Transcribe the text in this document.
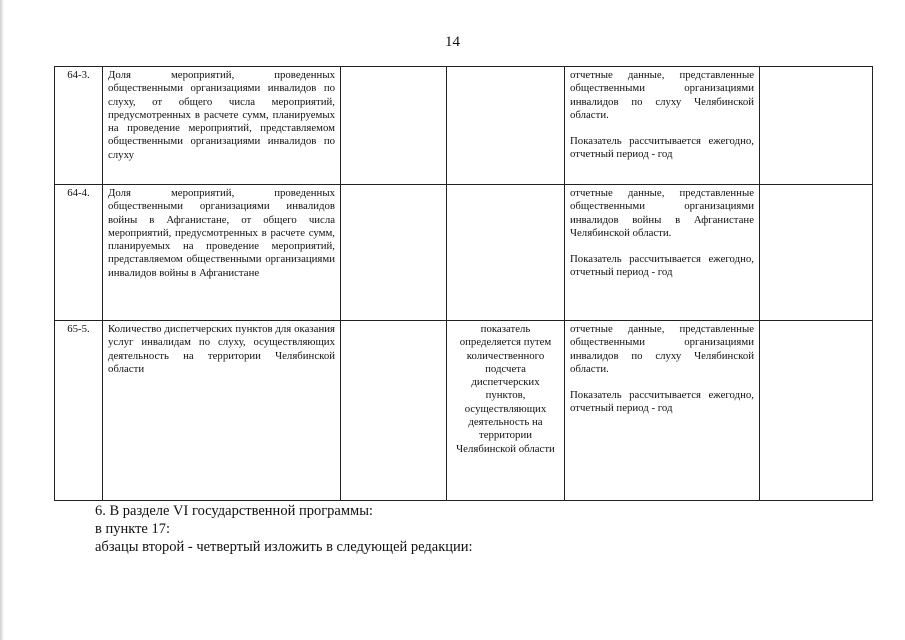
14
64-3.	Доля мероприятий, проведенных общественными организациями инвалидов по слуху, от общего числа мероприятий, предусмотренных в расчете сумм, планируемых на проведение мероприятий, представляемом общественными организациями инвалидов по слуху			отчетные данные, представленные общественными организациями инвалидов по слуху Челябинской области.
Показатель рассчитывается ежегодно, отчетный период - год	
64-4.	Доля мероприятий, проведенных общественными организациями инвалидов войны в Афганистане, от общего числа мероприятий, предусмотренных в расчете сумм, планируемых на проведение мероприятий, представляемом общественными организациями инвалидов войны в Афганистане			отчетные данные, представленные общественными организациями инвалидов войны в Афганистане Челябинской области.
Показатель рассчитывается ежегодно, отчетный период - год	
65-5.	Количество диспетчерских пунктов для оказания услуг инвалидам по слуху, осуществляющих деятельность на территории Челябинской области		показатель определяется путем количественного подсчета диспетчерских пунктов, осуществляющих деятельность на территории Челябинской области	отчетные данные, представленные общественными организациями инвалидов по слуху Челябинской области.
Показатель рассчитывается ежегодно, отчетный период - год	
6. В разделе VI государственной программы:
в пункте 17:
абзацы второй - четвертый изложить в следующей редакции:
